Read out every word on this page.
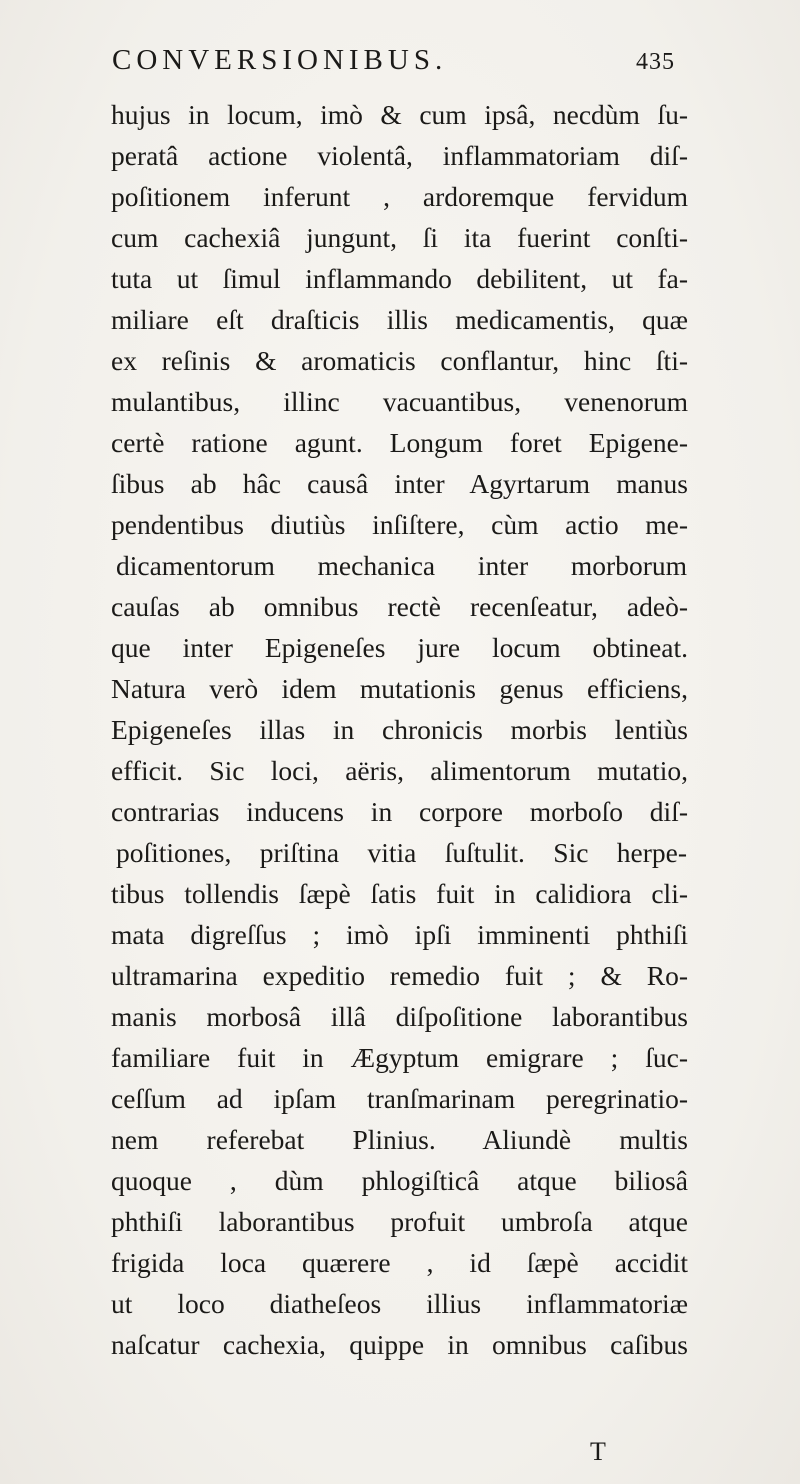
CONVERSIONIBUS.	435
hujus in locum, imò & cum ipsâ, necdùm ſu-
peratâ actione violentâ, inflammatoriam diſ-
poſitionem inferunt , ardoremque fervidum
cum cachexiâ jungunt, ſi ita fuerint conſti-
tuta ut ſimul inflammando debilitent, ut fa-
miliare eſt draſticis illis medicamentis, quæ
ex reſinis & aromaticis conflantur, hinc ſti-
mulantibus, illinc vacuantibus, venenorum
certè ratione agunt. Longum foret Epigene-
ſibus ab hâc causâ inter Agyrtarum manus
pendentibus diutiùs inſiſtere, cùm actio me-
dicamentorum mechanica inter morborum
cauſas ab omnibus rectè recenſeatur, adeò-
que inter Epigeneſes jure locum obtineat.
Natura verò idem mutationis genus efficiens,
Epigeneſes illas in chronicis morbis lentiùs
efficit. Sic loci, aëris, alimentorum mutatio,
contrarias inducens in corpore morboſo diſ-
poſitiones, priſtina vitia ſuſtulit. Sic herpe-
tibus tollendis ſæpè ſatis fuit in calidiora cli-
mata digreſſus ; imò ipſi imminenti phthiſi
ultramarina expeditio remedio fuit ; & Ro-
manis morbosâ illâ diſpoſitione laborantibus
familiare fuit in Ægyptum emigrare ; ſuc-
ceſſum ad ipſam tranſmarinam peregrinatio-
nem referebat Plinius. Aliundè multis
quoque , dùm phlogiſticâ atque biliosâ
phthiſi laborantibus profuit umbroſa atque
frigida loca quærere , id ſæpè accidit
ut loco diatheſeos illius inflammatoriæ
naſcatur cachexia, quippe in omnibus caſibus
T
